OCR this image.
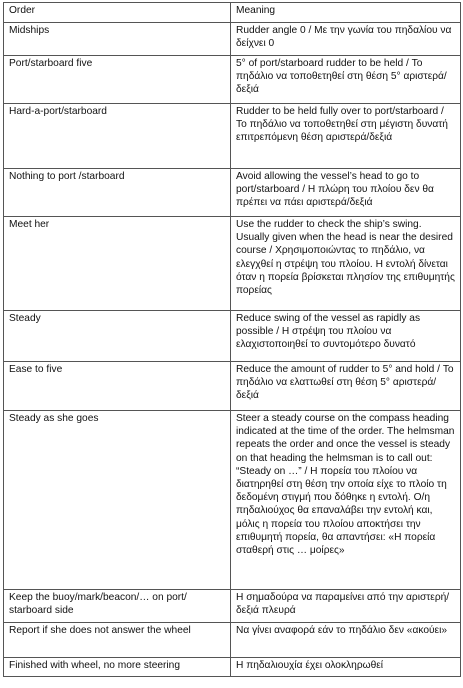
Order	Meaning
Midships	Rudder angle 0 / Με την γωνία του πηδαλίου να δείχνει 0
Port/starboard five	5° of port/starboard rudder to be held / Το πηδάλιο να τοποθετηθεί στη θέση 5° αριστερά/δεξιά
Hard-a-port/starboard	Rudder to be held fully over to port/starboard / Το πηδάλιο να τοποθετηθεί στη μέγιστη δυνατή επιτρεπόμενη θέση αριστερά/δεξιά
Nothing to port /starboard	Avoid allowing the vessel’s head to go to port/starboard / Η πλώρη του πλοίου δεν θα πρέπει να πάει αριστερά/δεξιά
Meet her	Use the rudder to check the ship’s swing. Usually given when the head is near the desired course / Χρησιμοποιώντας το πηδάλιο, να ελεγχθεί η στρέψη του πλοίου. Η εντολή δίνεται όταν η πορεία βρίσκεται πλησίον της επιθυμητής πορείας
Steady	Reduce swing of the vessel as rapidly as possible / Η στρέψη του πλοίου να ελαχιστοποιηθεί το συντομότερο δυνατό
Ease to five	Reduce the amount of rudder to 5° and hold / Το πηδάλιο να ελαττωθεί στη θέση 5° αριστερά/δεξιά
Steady as she goes	Steer a steady course on the compass heading indicated at the time of the order. The helmsman repeats the order and once the vessel is steady on that heading the helmsman is to call out: “Steady on …” / Η πορεία του πλοίου να διατηρηθεί στη θέση την οποία είχε το πλοίο τη δεδομένη στιγμή που δόθηκε η εντολή. Ο/η πηδαλιούχος θα επαναλάβει την εντολή και, μόλις η πορεία του πλοίου αποκτήσει την επιθυμητή πορεία, θα απαντήσει: «Η πορεία σταθερή στις … μοίρες»
Keep the buoy/mark/beacon/… on port/ starboard side	Η σημαδούρα να παραμείνει από την αριστερή/δεξιά πλευρά
Report if she does not answer the wheel	Να γίνει αναφορά εάν το πηδάλιο δεν «ακούει»
Finished with wheel, no more steering	Η πηδαλιουχία έχει ολοκληρωθεί
